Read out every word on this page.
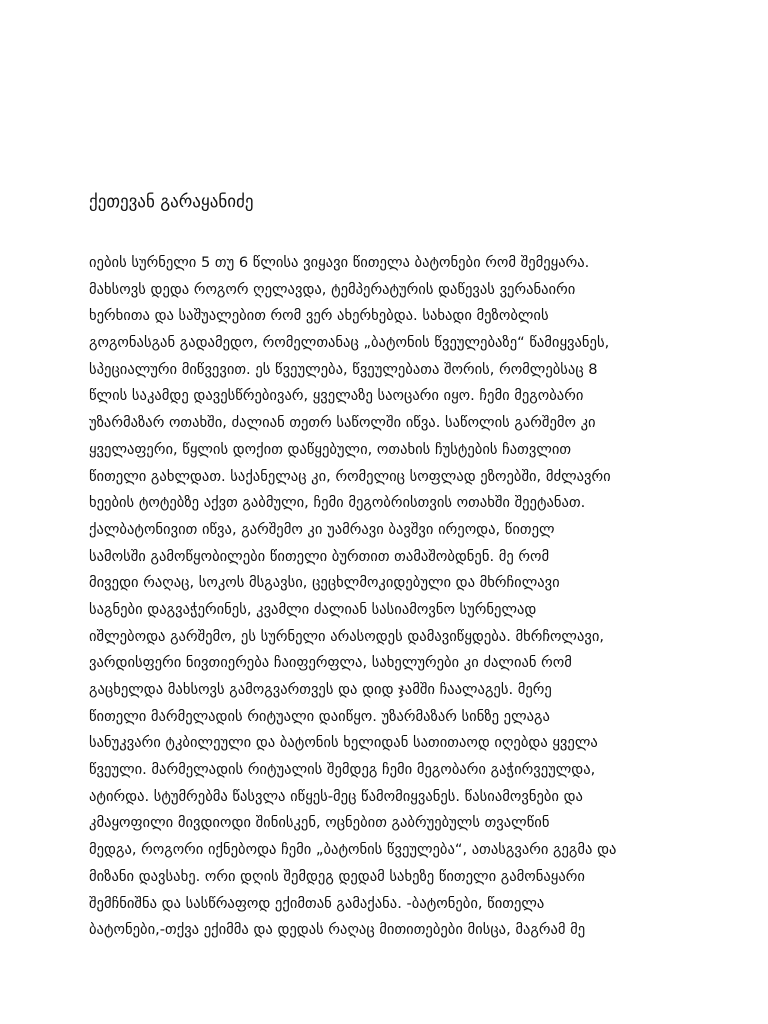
ქეთევან გარაყანიძე
იების სურნელი 5 თუ 6 წლისა ვიყავი წითელა ბატონები რომ შემეყარა.
მახსოვს დედა როგორ ღელავდა, ტემპერატურის დაწევას ვერანაირი
ხერხითა და საშუალებით რომ ვერ ახერხებდა. სახადი მეზობლის
გოგონასგან გადამედო, რომელთანაც „ბატონის წვეულებაზე“ წამიყვანეს,
სპეციალური მიწვევით. ეს წვეულება, წვეულებათა შორის, რომლებსაც 8
წლის საკამდე დავესწრებივარ, ყველაზე საოცარი იყო. ჩემი მეგობარი
უზარმაზარ ოთახში, ძალიან თეთრ საწოლში იწვა. საწოლის გარშემო კი
ყველაფერი, წყლის დოქით დაწყებული, ოთახის ჩუსტების ჩათვლით
წითელი გახლდათ. საქანელაც კი, რომელიც სოფლად ეზოებში, მძლავრი
ხეების ტოტებზე აქვთ გაბმული, ჩემი მეგობრისთვის ოთახში შეეტანათ.
ქალბატონივით იწვა, გარშემო კი უამრავი ბავშვი ირეოდა, წითელ
სამოსში გამოწყობილები წითელი ბურთით თამაშობდნენ. მე რომ
მივედი რაღაც, სოკოს მსგავსი, ცეცხლმოკიდებული და მხრჩილავი
საგნები დაგვაჭერინეს, კვამლი ძალიან სასიამოვნო სურნელად
იშლებოდა გარშემო, ეს სურნელი არასოდეს დამავიწყდება. მხრჩოლავი,
ვარდისფერი ნივთიერება ჩაიფერფლა, სახელურები კი ძალიან რომ
გაცხელდა მახსოვს გამოგვართვეს და დიდ ჯამში ჩაალაგეს. მერე
წითელი მარმელადის რიტუალი დაიწყო. უზარმაზარ სინზე ელაგა
სანუკვარი ტკბილეული და ბატონის ხელიდან სათითაოდ იღებდა ყველა
წვეული. მარმელადის რიტუალის შემდეგ ჩემი მეგობარი გაჭირვეულდა,
ატირდა. სტუმრებმა წასვლა იწყეს-მეც წამომიყვანეს. წასიამოვნები და
კმაყოფილი მივდიოდი შინისკენ, ოცნებით გაბრუებულს თვალწინ
მედგა, როგორი იქნებოდა ჩემი „ბატონის წვეულება“, ათასგვარი გეგმა და
მიზანი დავსახე. ორი დღის შემდეგ დედამ სახეზე წითელი გამონაყარი
შემჩნიშნა და სასწრაფოდ ექიმთან გამაქანა. -ბატონები, წითელა
ბატონები,-თქვა ექიმმა და დედას რაღაც მითითებები მისცა, მაგრამ მე
